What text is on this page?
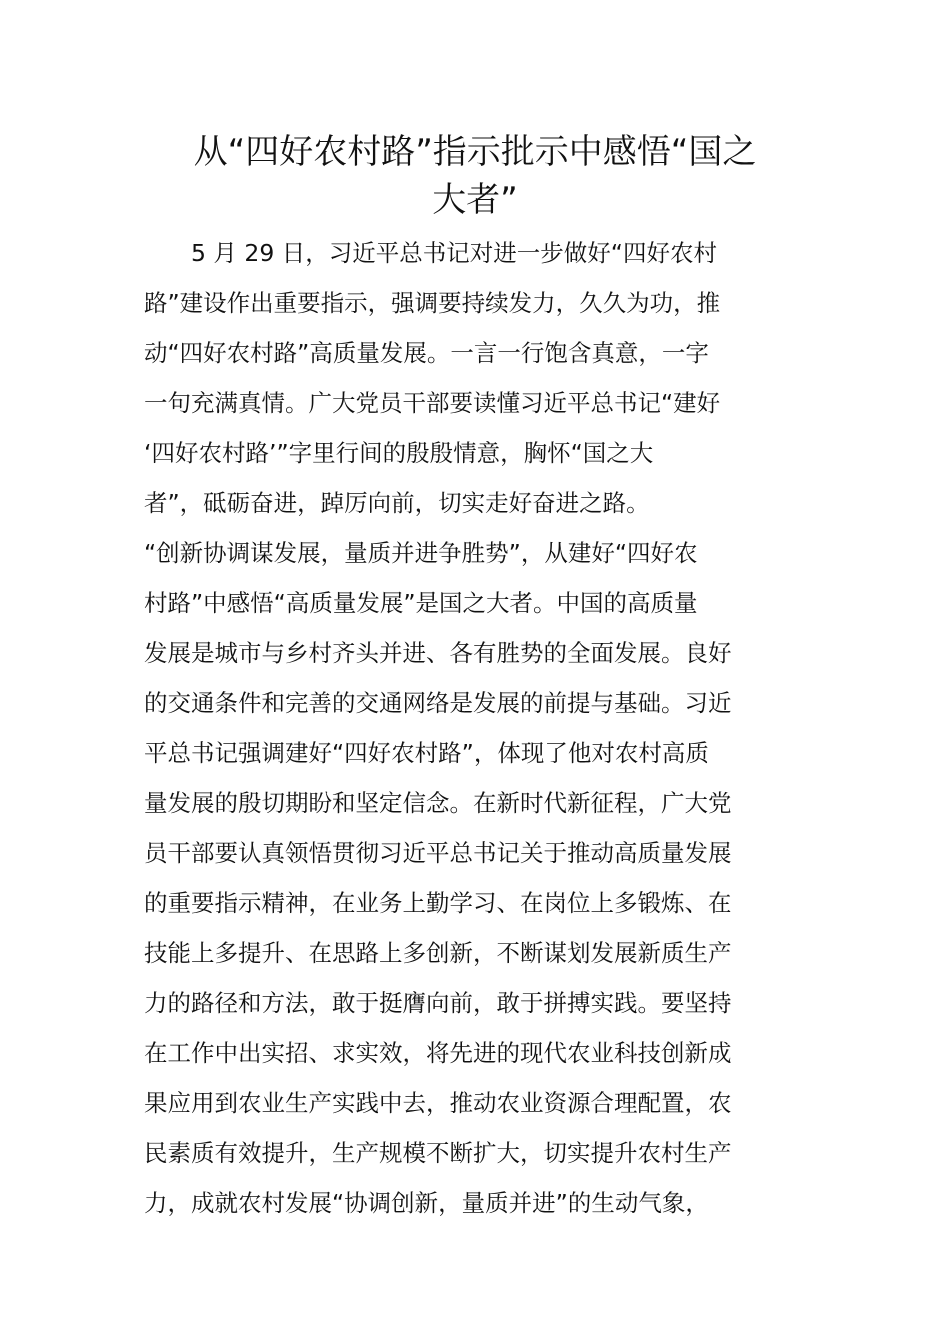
从“四好农村路”指示批示中感悟“国之
大者”

　　5 月 29 日，习近平总书记对进一步做好“四好农村
路”建设作出重要指示，强调要持续发力，久久为功，推
动“四好农村路”高质量发展。一言一行饱含真意，一字
一句充满真情。广大党员干部要读懂习近平总书记“建好
‘四好农村路’”字里行间的殷殷情意，胸怀“国之大
者”，砥砺奋进，踔厉向前，切实走好奋进之路。

“创新协调谋发展，量质并进争胜势”，从建好“四好农
村路”中感悟“高质量发展”是国之大者。中国的高质量
发展是城市与乡村齐头并进、各有胜势的全面发展。良好
的交通条件和完善的交通网络是发展的前提与基础。习近
平总书记强调建好“四好农村路”，体现了他对农村高质
量发展的殷切期盼和坚定信念。在新时代新征程，广大党
员干部要认真领悟贯彻习近平总书记关于推动高质量发展
的重要指示精神，在业务上勤学习、在岗位上多锻炼、在
技能上多提升、在思路上多创新，不断谋划发展新质生产
力的路径和方法，敢于挺膺向前，敢于拼搏实践。要坚持
在工作中出实招、求实效，将先进的现代农业科技创新成
果应用到农业生产实践中去，推动农业资源合理配置，农
民素质有效提升，生产规模不断扩大，切实提升农村生产
力，成就农村发展“协调创新，量质并进”的生动气象，
